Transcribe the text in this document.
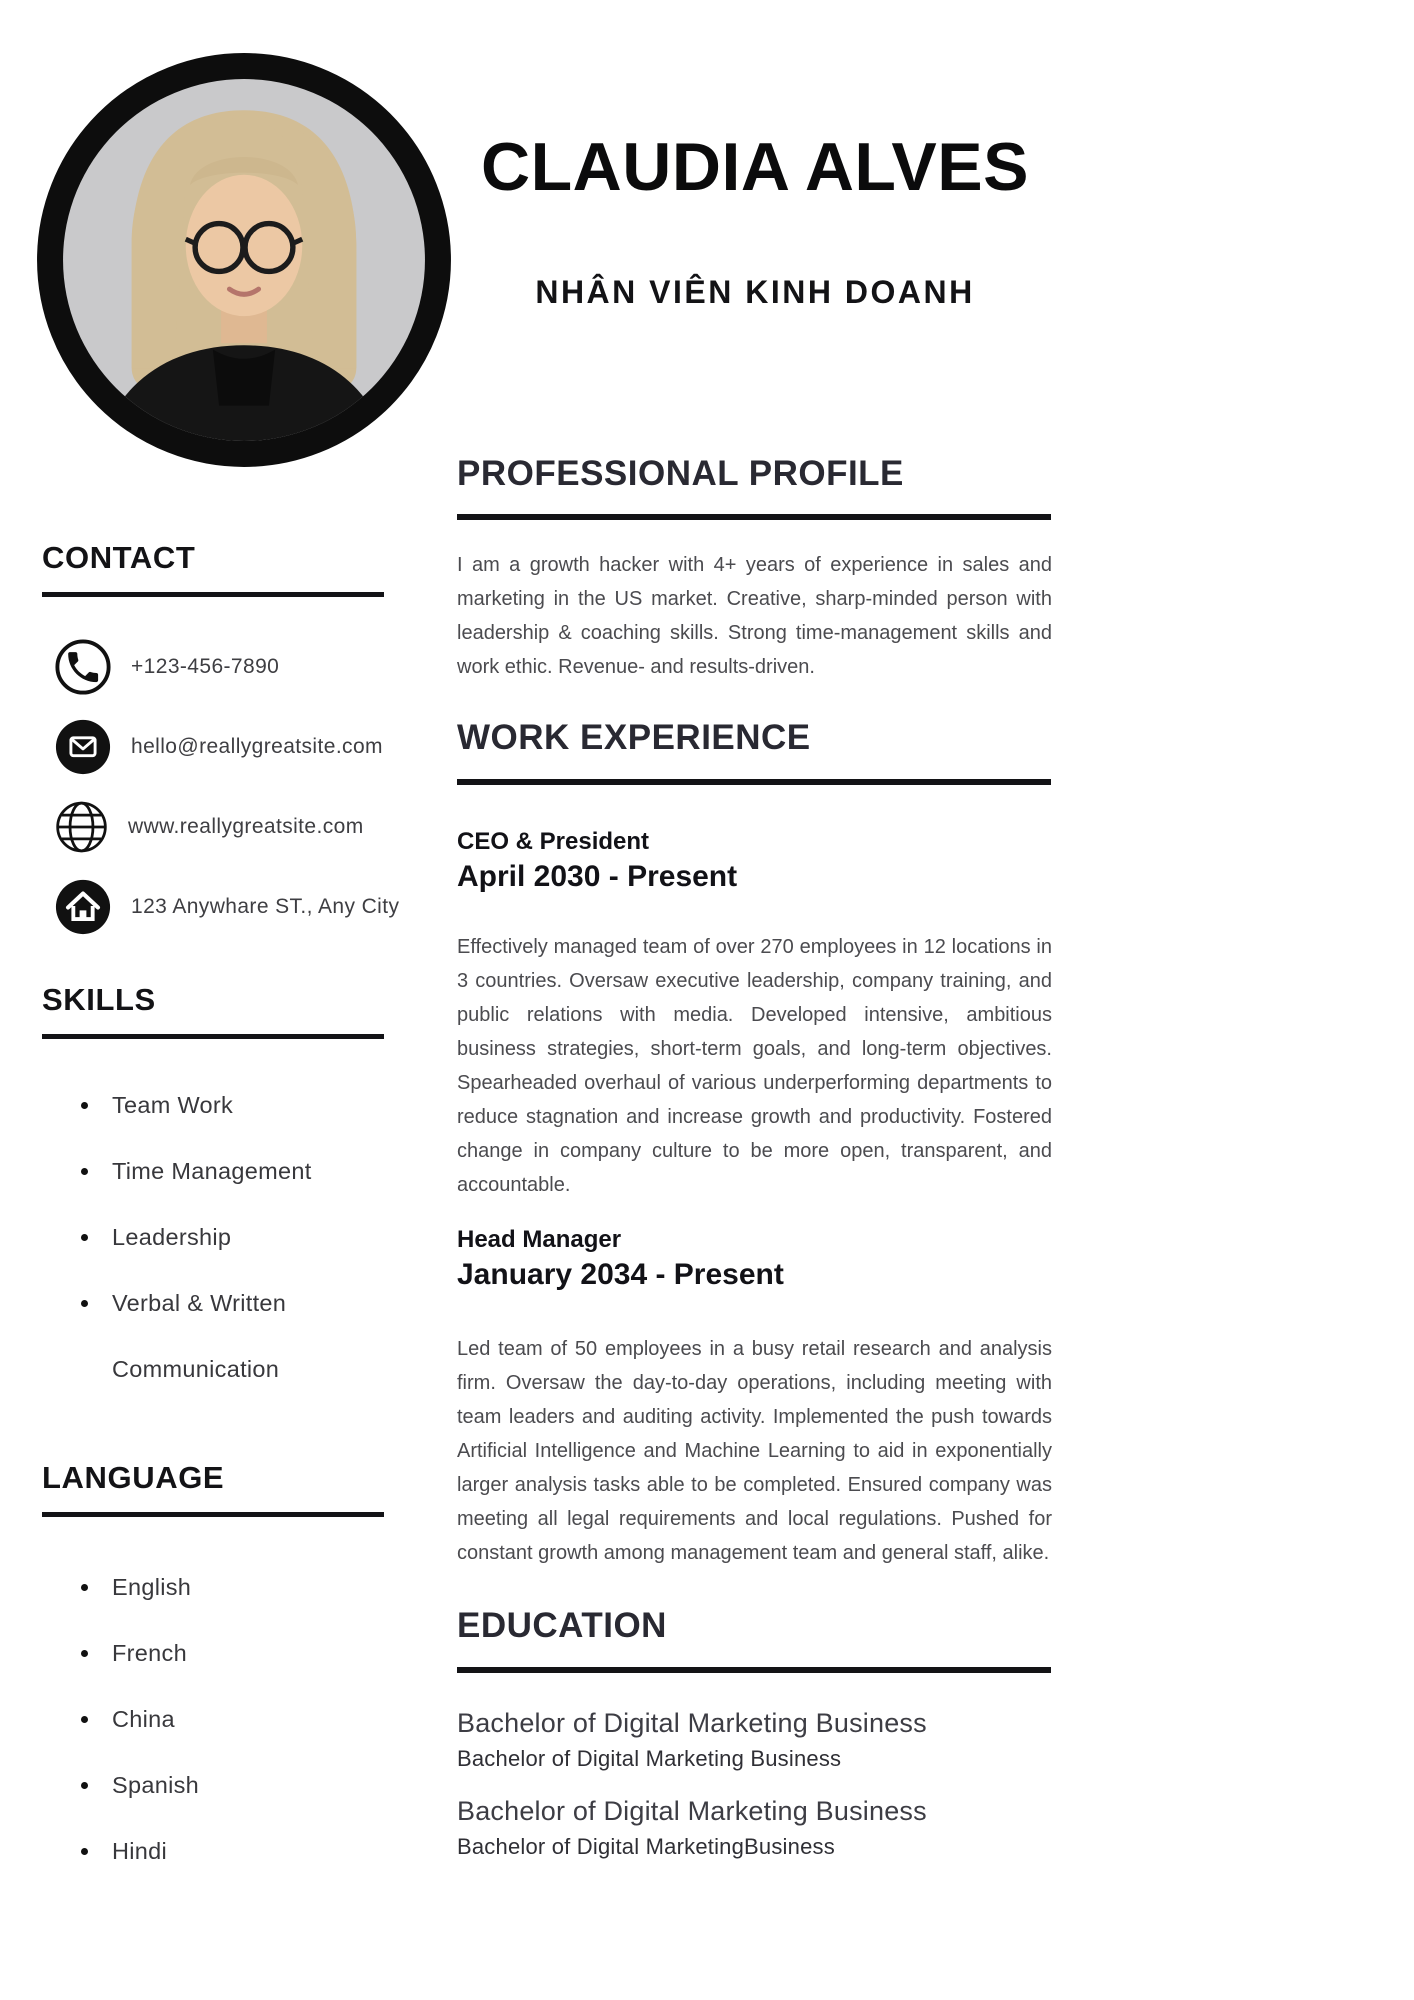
CONTACT
+123-456-7890
hello@reallygreatsite.com
www.reallygreatsite.com
123 Anywhare ST., Any City
SKILLS
• Team Work
• Time Management
• Leadership
• Verbal & Written Communication
LANGUAGE
• English
• French
• China
• Spanish
• Hindi
CLAUDIA ALVES
NHÂN VIÊN KINH DOANH
PROFESSIONAL PROFILE
I am a growth hacker with 4+ years of experience in sales and marketing in the US market. Creative, sharp-minded person with leadership & coaching skills. Strong time-management skills and work ethic. Revenue- and results-driven.
WORK EXPERIENCE
CEO & President
April 2030 - Present
Effectively managed team of over 270 employees in 12 locations in 3 countries. Oversaw executive leadership, company training, and public relations with media. Developed intensive, ambitious business strategies, short-term goals, and long-term objectives. Spearheaded overhaul of various underperforming departments to reduce stagnation and increase growth and productivity. Fostered change in company culture to be more open, transparent, and accountable.
Head Manager
January 2034 - Present
Led team of 50 employees in a busy retail research and analysis firm. Oversaw the day-to-day operations, including meeting with team leaders and auditing activity. Implemented the push towards Artificial Intelligence and Machine Learning to aid in exponentially larger analysis tasks able to be completed. Ensured company was meeting all legal requirements and local regulations. Pushed for constant growth among management team and general staff, alike.
EDUCATION
Bachelor of Digital Marketing Business
Bachelor of Digital Marketing Business
Bachelor of Digital Marketing Business
Bachelor of Digital MarketingBusiness
